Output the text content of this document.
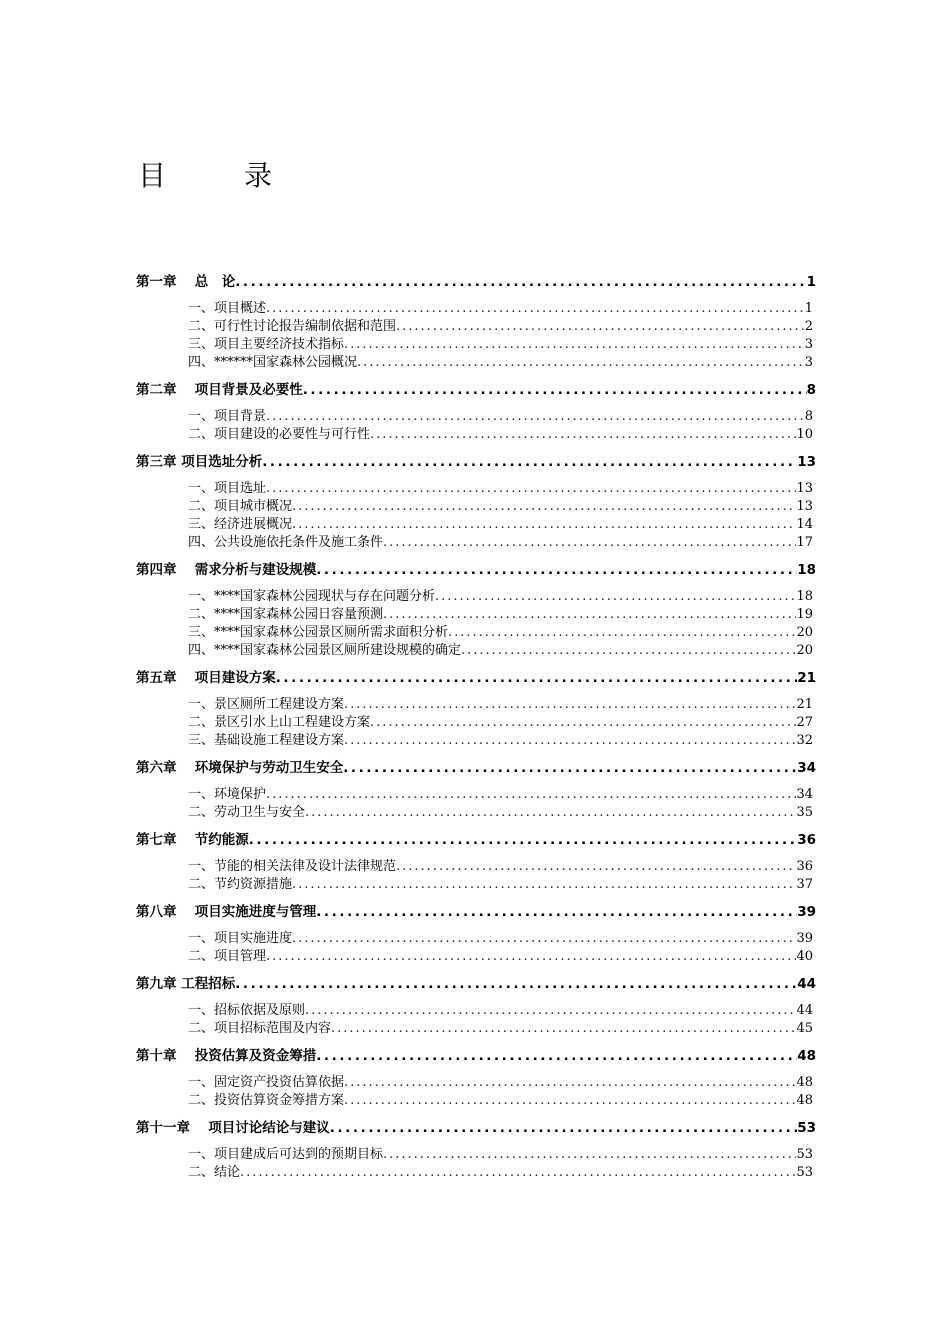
目	录
第一章　 总　论 .....	1
一、项目概述 .....	1
二、可行性讨论报告编制依据和范围 .....	2
三、项目主要经济技术指标 .....	3
四、******国家森林公园概况 .....	3
第二章　 项目背景及必要性 .....	8
一、项目背景 .....	8
二、项目建设的必要性与可行性 .....	10
第三章 项目选址分析 .....	13
一、项目选址 .....	13
二、项目城市概况 .....	13
三、经济进展概况 .....	14
四、公共设施依托条件及施工条件 .....	17
第四章　 需求分析与建设规模 .....	18
一、****国家森林公园现状与存在问题分析 .....	18
二、****国家森林公园日容量预测 .....	19
三、****国家森林公园景区厕所需求面积分析 .....	20
四、****国家森林公园景区厕所建设规模的确定 .....	20
第五章　 项目建设方案 .....	21
一、景区厕所工程建设方案 .....	21
二、景区引水上山工程建设方案 .....	27
三、基础设施工程建设方案 .....	32
第六章　 环境保护与劳动卫生安全 .....	34
一、环境保护 .....	34
二、劳动卫生与安全 .....	35
第七章　 节约能源 .....	36
一、节能的相关法律及设计法律规范 .....	36
二、节约资源措施 .....	37
第八章　 项目实施进度与管理 .....	39
一、项目实施进度 .....	39
二、项目管理 .....	40
第九章 工程招标 .....	44
一、招标依据及原则 .....	44
二、项目招标范围及内容 .....	45
第十章　 投资估算及资金筹措 .....	48
一、固定资产投资估算依据 .....	48
二、投资估算资金筹措方案 .....	48
第十一章　 项目讨论结论与建议 .....	53
一、项目建成后可达到的预期目标 .....	53
二、结论 .....	53
